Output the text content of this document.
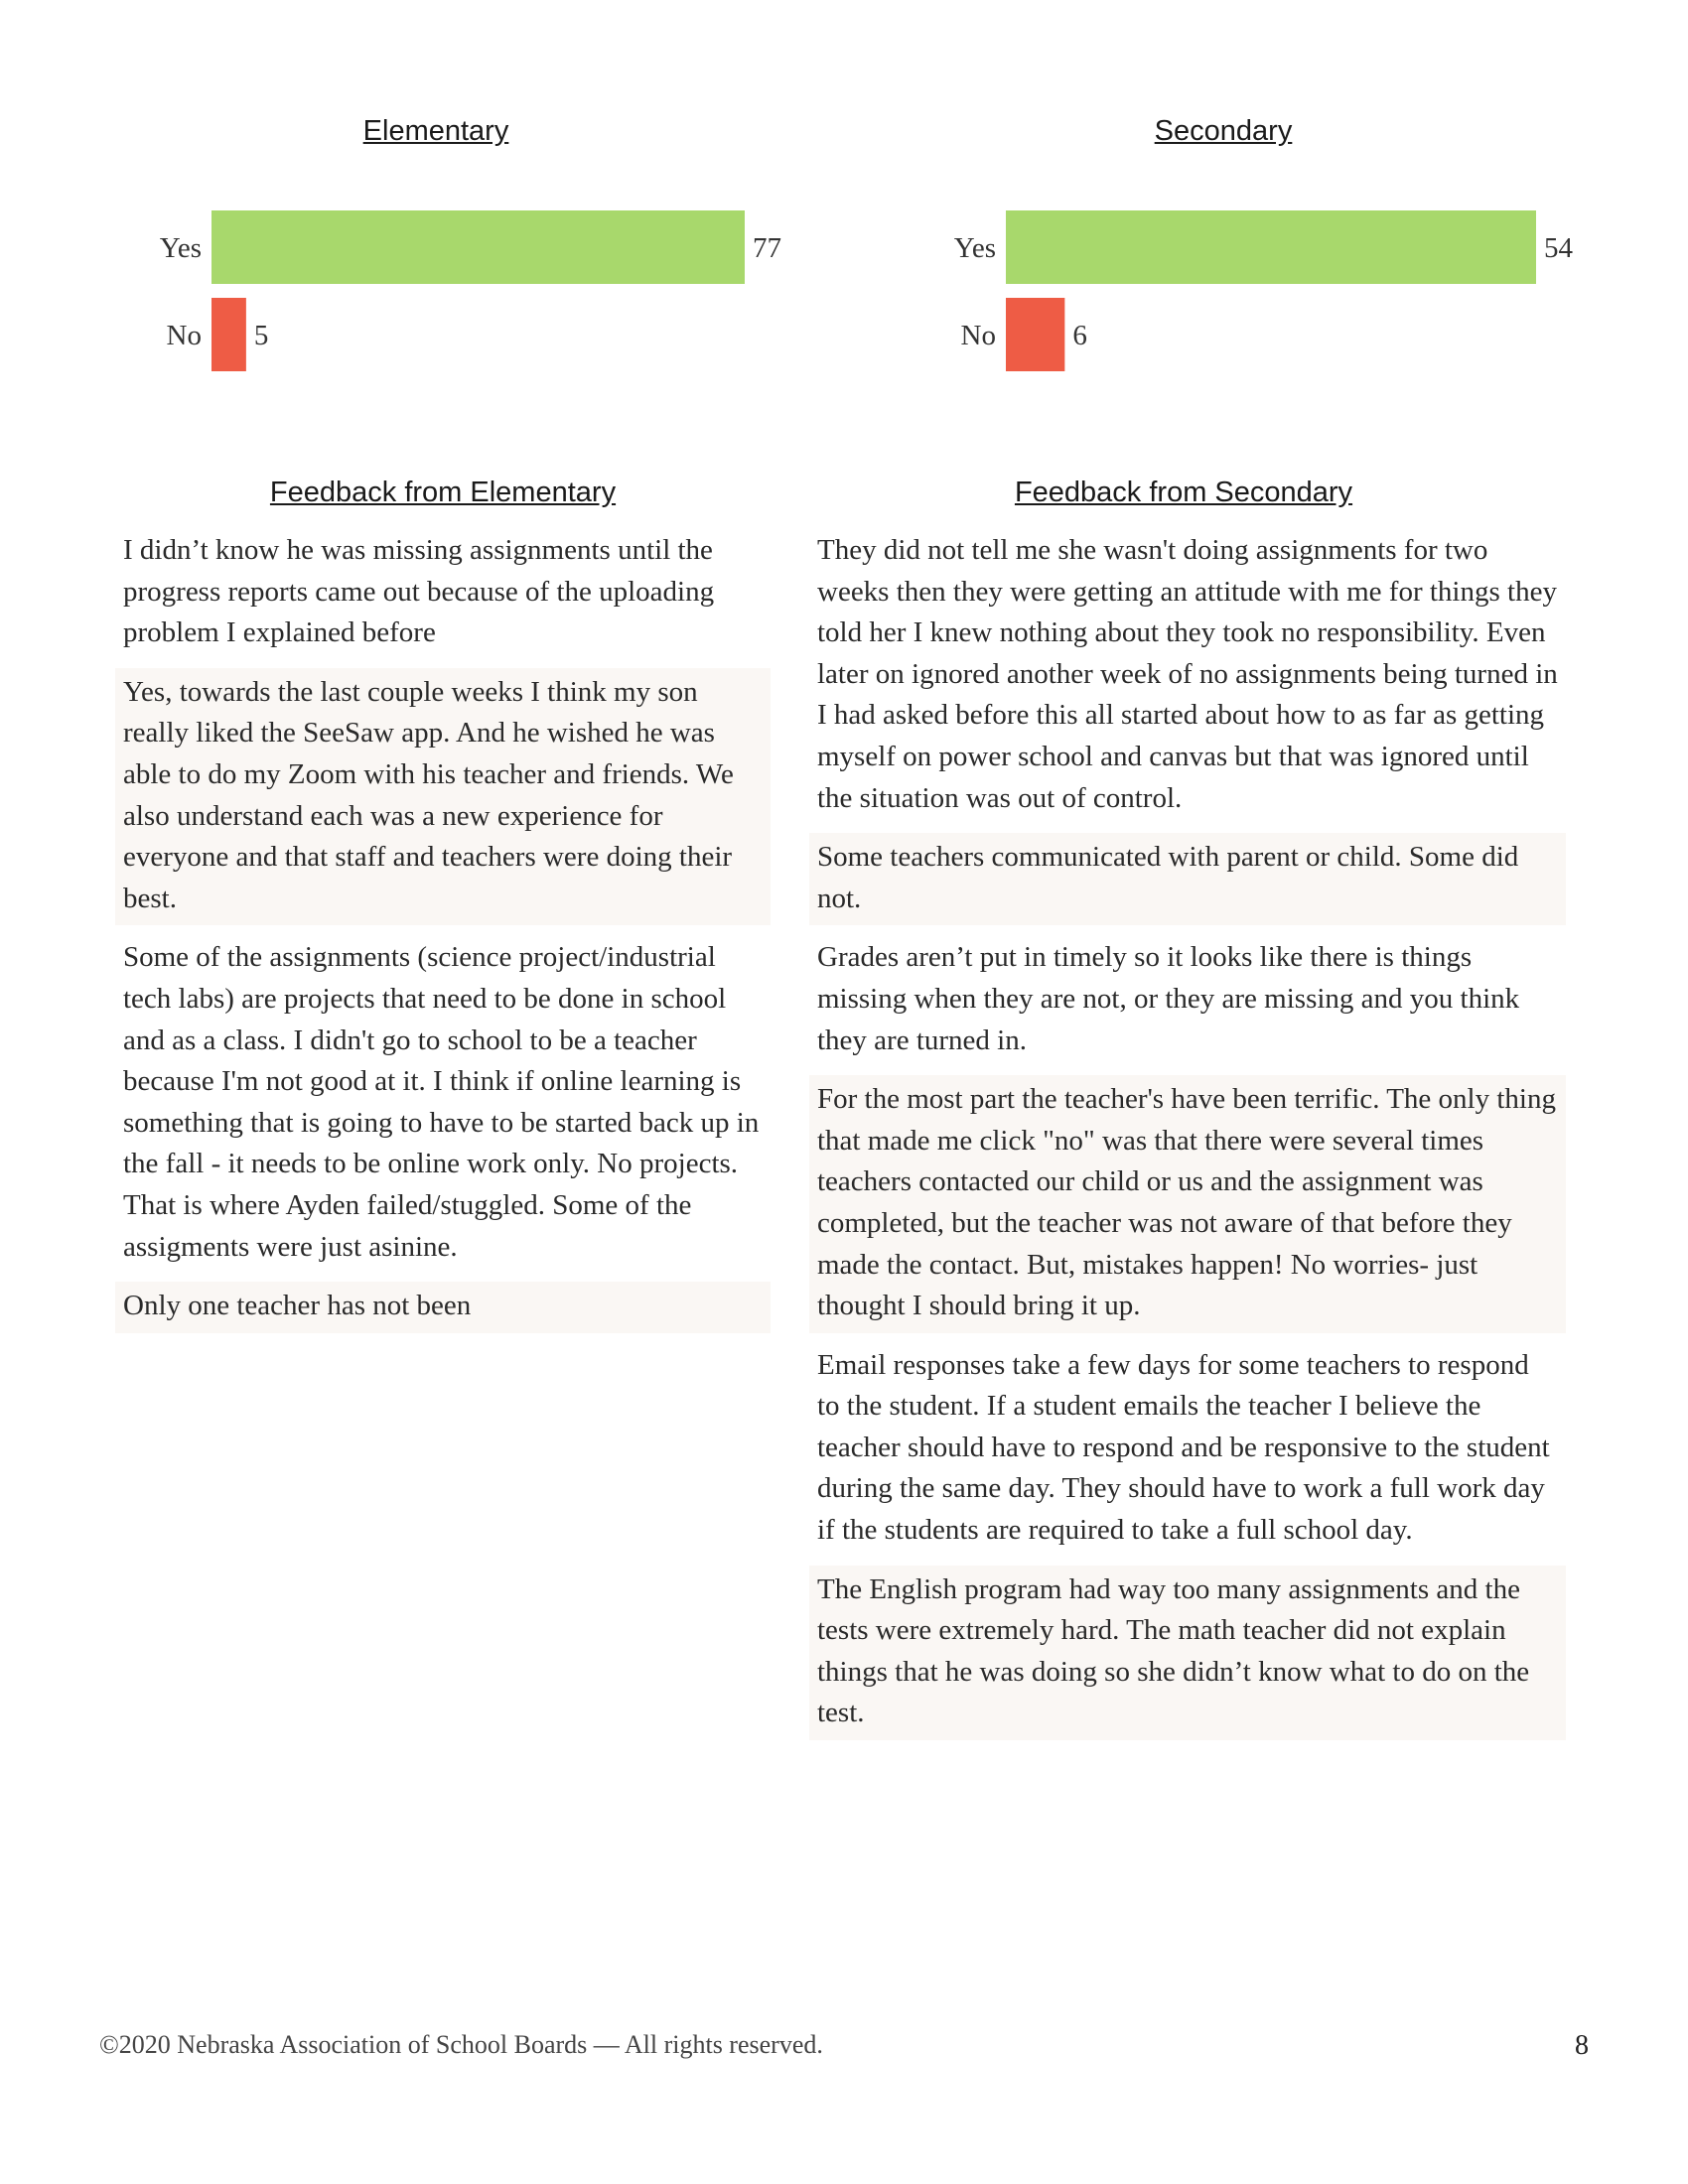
Elementary	Secondary
Yes	77
No 5
Yes	54
No	6
Feedback from Elementary	Feedback from Secondary
I didn’t know he was missing assignments until the progress reports came out because of the uploading problem I explained before
Yes, towards the last couple weeks I think my son really liked the SeeSaw app. And he wished he was able to do my Zoom with his teacher and friends. We also understand each was a new experience for everyone and that staff and teachers were doing their best.
Some of the assignments (science project/industrial tech labs) are projects that need to be done in school and as a class. I didn't go to school to be a teacher because I'm not good at it. I think if online learning is something that is going to have to be started back up in the fall - it needs to be online work only. No projects. That is where Ayden failed/stuggled. Some of the assigments were just asinine.
Only one teacher has not been
They did not tell me she wasn't doing assignments for two weeks then they were getting an attitude with me for things they told her I knew nothing about they took no responsibility. Even later on ignored another week of no assignments being turned in I had asked before this all started about how to as far as getting myself on power school and canvas but that was ignored until the situation was out of control.
Some teachers communicated with parent or child. Some did not.
Grades aren’t put in timely so it looks like there is things missing when they are not, or they are missing and you think they are turned in.
For the most part the teacher's have been terrific. The only thing that made me click "no" was that there were several times teachers contacted our child or us and the assignment was completed, but the teacher was not aware of that before they made the contact. But, mistakes happen! No worries- just thought I should bring it up.
Email responses take a few days for some teachers to respond to the student. If a student emails the teacher I believe the teacher should have to respond and be responsive to the student during the same day. They should have to work a full work day if the students are required to take a full school day.
The English program had way too many assignments and the tests were extremely hard. The math teacher did not explain things that he was doing so she didn’t know what to do on the test.
©2020 Nebraska Association of School Boards — All rights reserved.	8
